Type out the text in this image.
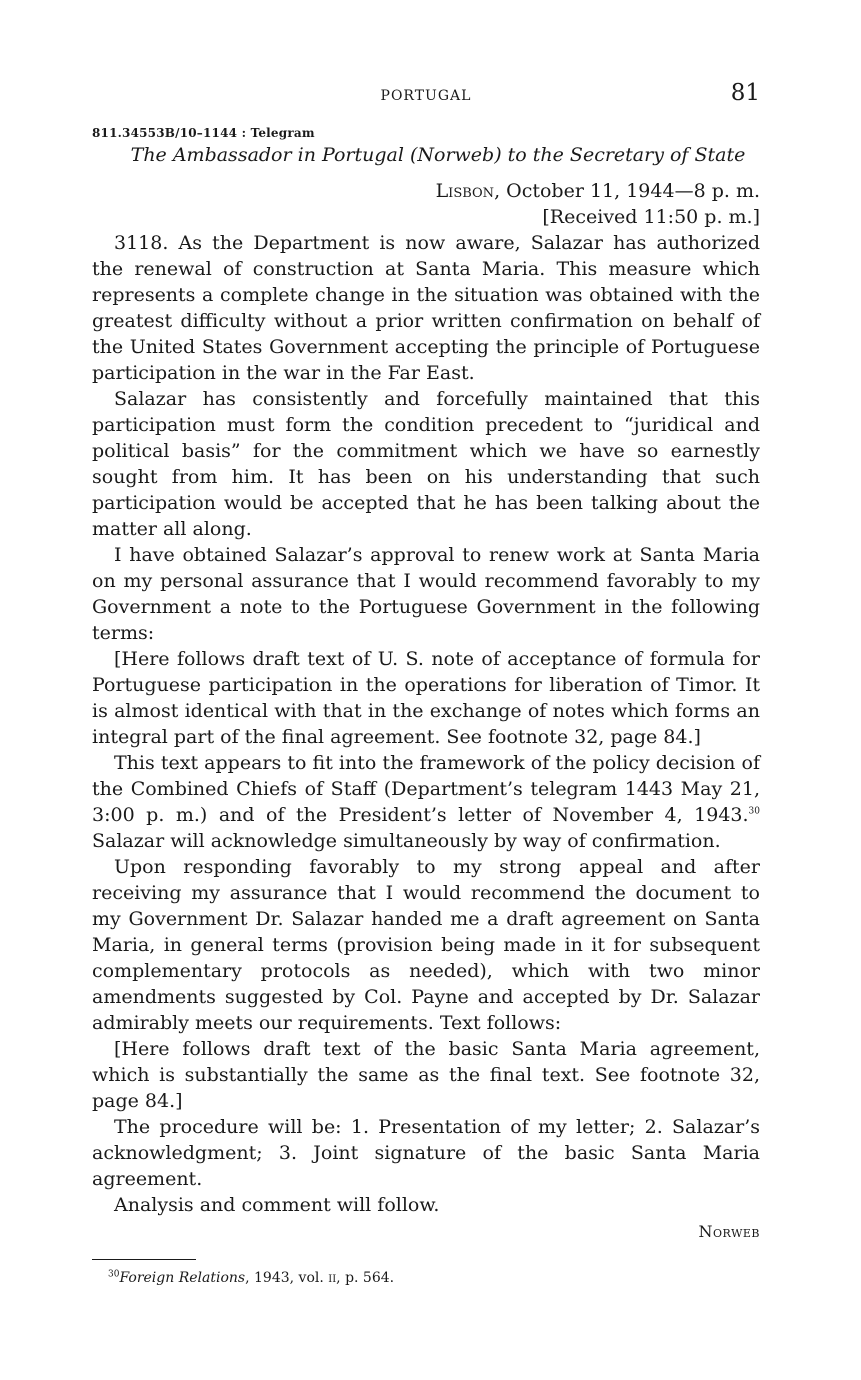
PORTUGAL	81
811.34553B/10–1144 : Telegram
The Ambassador in Portugal (Norweb) to the Secretary of State
Lisbon, October 11, 1944—8 p. m.
[Received 11:50 p. m.]

3118. As the Department is now aware, Salazar has authorized the renewal of construction at Santa Maria. This measure which represents a complete change in the situation was obtained with the greatest difficulty without a prior written confirmation on behalf of the United States Government accepting the principle of Portuguese participation in the war in the Far East.

Salazar has consistently and forcefully maintained that this participation must form the condition precedent to “juridical and political basis” for the commitment which we have so earnestly sought from him. It has been on his understanding that such participation would be accepted that he has been talking about the matter all along.

I have obtained Salazar’s approval to renew work at Santa Maria on my personal assurance that I would recommend favorably to my Government a note to the Portuguese Government in the following terms:

[Here follows draft text of U. S. note of acceptance of formula for Portuguese participation in the operations for liberation of Timor. It is almost identical with that in the exchange of notes which forms an integral part of the final agreement. See footnote 32, page 84.]

This text appears to fit into the framework of the policy decision of the Combined Chiefs of Staff (Department’s telegram 1443 May 21, 3:00 p. m.) and of the President’s letter of November 4, 1943.30 Salazar will acknowledge simultaneously by way of confirmation.

Upon responding favorably to my strong appeal and after receiving my assurance that I would recommend the document to my Government Dr. Salazar handed me a draft agreement on Santa Maria, in general terms (provision being made in it for subsequent complementary protocols as needed), which with two minor amendments suggested by Col. Payne and accepted by Dr. Salazar admirably meets our requirements. Text follows:

[Here follows draft text of the basic Santa Maria agreement, which is substantially the same as the final text. See footnote 32, page 84.]

The procedure will be: 1. Presentation of my letter; 2. Salazar’s acknowledgment; 3. Joint signature of the basic Santa Maria agreement.

Analysis and comment will follow.

Norweb
$^{30}$Foreign Relations, 1943, vol. ii, p. 564.
